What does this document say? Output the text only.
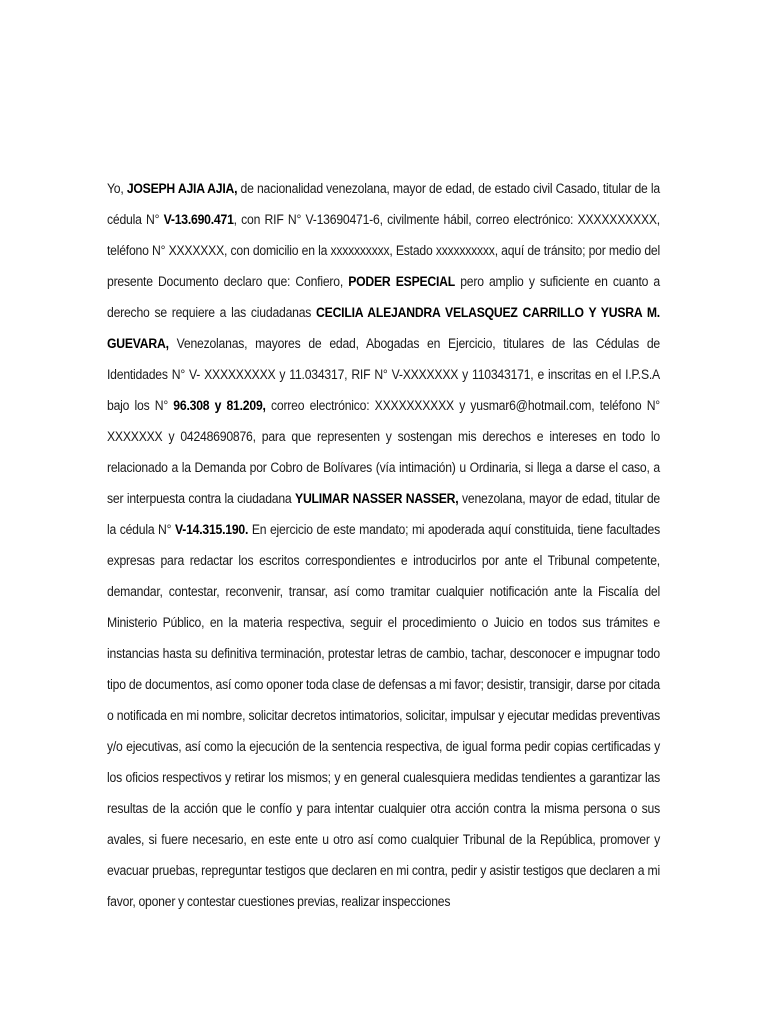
Yo, JOSEPH AJIA AJIA, de nacionalidad venezolana, mayor de edad, de estado civil Casado, titular de la cédula N° V-13.690.471, con RIF N° V-13690471-6, civilmente hábil, correo electrónico: XXXXXXXXXX, teléfono N° XXXXXXX, con domicilio en la xxxxxxxxxx, Estado xxxxxxxxxx, aquí de tránsito; por medio del presente Documento declaro que: Confiero, PODER ESPECIAL pero amplio y suficiente en cuanto a derecho se requiere a las ciudadanas CECILIA ALEJANDRA VELASQUEZ CARRILLO Y YUSRA M. GUEVARA, Venezolanas, mayores de edad, Abogadas en Ejercicio, titulares de las Cédulas de Identidades N° V- XXXXXXXXX y 11.034317, RIF N° V-XXXXXXX y 110343171, e inscritas en el I.P.S.A bajo los N° 96.308 y 81.209, correo electrónico: XXXXXXXXXX y yusmar6@hotmail.com, teléfono N° XXXXXXX y 04248690876, para que representen y sostengan mis derechos e intereses en todo lo relacionado a la Demanda por Cobro de Bolívares (vía intimación) u Ordinaria, si llega a darse el caso, a ser interpuesta contra la ciudadana YULIMAR NASSER NASSER, venezolana, mayor de edad, titular de la cédula N° V-14.315.190. En ejercicio de este mandato; mi apoderada aquí constituida, tiene facultades expresas para redactar los escritos correspondientes e introducirlos por ante el Tribunal competente, demandar, contestar, reconvenir, transar, así como tramitar cualquier notificación ante la Fiscalía del Ministerio Público, en la materia respectiva, seguir el procedimiento o Juicio en todos sus trámites e instancias hasta su definitiva terminación, protestar letras de cambio, tachar, desconocer e impugnar todo tipo de documentos, así como oponer toda clase de defensas a mi favor; desistir, transigir, darse por citada o notificada en mi nombre, solicitar decretos intimatorios, solicitar, impulsar y ejecutar medidas preventivas y/o ejecutivas, así como la ejecución de la sentencia respectiva, de igual forma pedir copias certificadas y los oficios respectivos y retirar los mismos; y en general cualesquiera medidas tendientes a garantizar las resultas de la acción que le confío y para intentar cualquier otra acción contra la misma persona o sus avales, si fuere necesario, en este ente u otro así como cualquier Tribunal de la República, promover y evacuar pruebas, repreguntar testigos que declaren en mi contra, pedir y asistir testigos que declaren a mi favor, oponer y contestar cuestiones previas, realizar inspecciones
